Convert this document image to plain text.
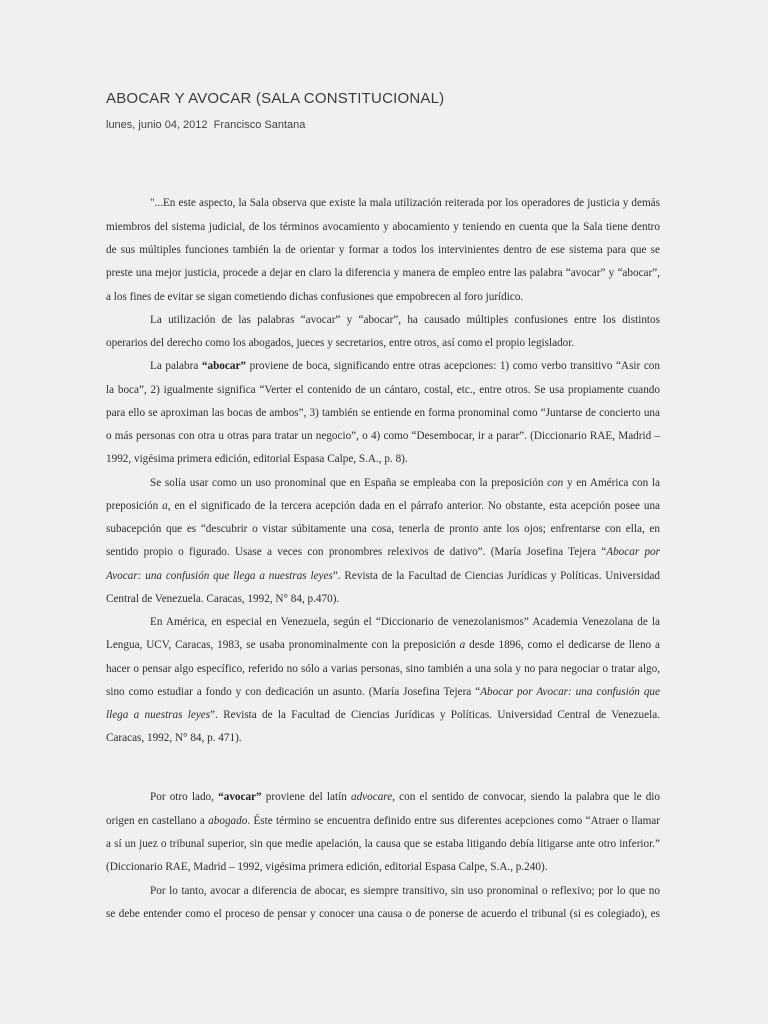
ABOCAR Y AVOCAR (SALA CONSTITUCIONAL)
lunes, junio 04, 2012 Francisco Santana
"...En este aspecto, la Sala observa que existe la mala utilización reiterada por los operadores de justicia y demás
miembros del sistema judicial, de los términos avocamiento y abocamiento y teniendo en cuenta que la Sala tiene dentro
de sus múltiples funciones también la de orientar y formar a todos los intervinientes dentro de ese sistema para que se
preste una mejor justicia, procede a dejar en claro la diferencia y manera de empleo entre las palabra “avocar” y “abocar”,
a los fines de evitar se sigan cometiendo dichas confusiones que empobrecen al foro jurídico.
La utilización de las palabras “avocar” y “abocar”, ha causado múltiples confusiones entre los distintos
operarios del derecho como los abogados, jueces y secretarios, entre otros, así como el propio legislador.
La palabra “abocar” proviene de boca, significando entre otras acepciones: 1) como verbo transitivo “Asir con
la boca”, 2) igualmente significa “Verter el contenido de un cántaro, costal, etc., entre otros. Se usa propiamente cuando
para ello se aproximan las bocas de ambos”, 3) también se entiende en forma pronominal como “Juntarse de concierto una
o más personas con otra u otras para tratar un negocio”, o 4) como “Desembocar, ir a parar”. (Diccionario RAE, Madrid –
1992, vigésima primera edición, editorial Espasa Calpe, S.A., p. 8).
Se solía usar como un uso pronominal que en España se empleaba con la preposición con y en América con la
preposición a, en el significado de la tercera acepción dada en el párrafo anterior. No obstante, esta acepción posee una
subacepción que es “descubrir o vistar súbitamente una cosa, tenerla de pronto ante los ojos; enfrentarse con ella, en
sentido propio o figurado. Usase a veces con pronombres relexivos de dativo”. (María Josefina Tejera “Abocar por
Avocar: una confusión que llega a nuestras leyes”. Revista de la Facultad de Ciencias Jurídicas y Políticas. Universidad
Central de Venezuela. Caracas, 1992, N° 84, p.470).
En América, en especial en Venezuela, según el “Diccionario de venezolanismos” Academia Venezolana de la
Lengua, UCV, Caracas, 1983, se usaba pronominalmente con la preposición a desde 1896, como el dedicarse de lleno a
hacer o pensar algo específico, referido no sólo a varias personas, sino también a una sola y no para negociar o tratar algo,
sino como estudiar a fondo y con dedicación un asunto. (María Josefina Tejera “Abocar por Avocar: una confusión que
llega a nuestras leyes”. Revista de la Facultad de Ciencias Jurídicas y Políticas. Universidad Central de Venezuela.
Caracas, 1992, N° 84, p. 471).
Por otro lado, “avocar” proviene del latín advocare, con el sentido de convocar, siendo la palabra que le dio
origen en castellano a abogado. Éste término se encuentra definido entre sus diferentes acepciones como “Atraer o llamar
a sí un juez o tribunal superior, sin que medie apelación, la causa que se estaba litigando debía litigarse ante otro inferior.”
(Diccionario RAE, Madrid – 1992, vigésima primera edición, editorial Espasa Calpe, S.A., p.240).
Por lo tanto, avocar a diferencia de abocar, es siempre transitivo, sin uso pronominal o reflexivo; por lo que no
se debe entender como el proceso de pensar y conocer una causa o de ponerse de acuerdo el tribunal (si es colegiado), es
